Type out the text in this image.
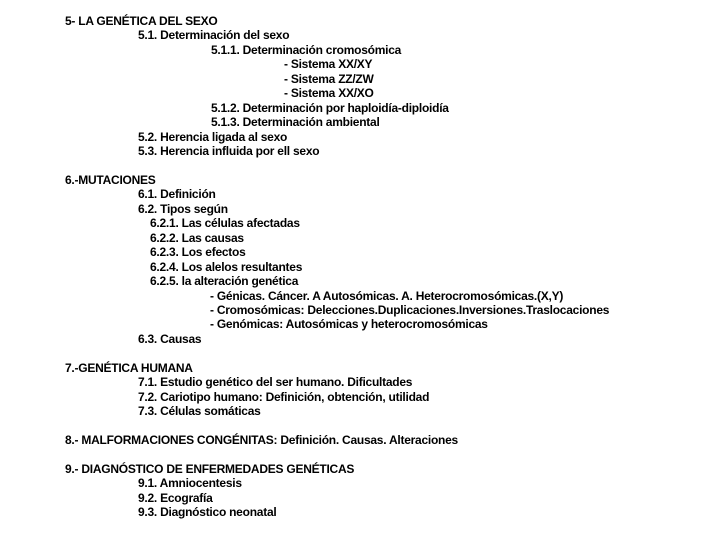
5- LA GENÉTICA DEL SEXO
5.1. Determinación del sexo
5.1.1. Determinación cromosómica
- Sistema XX/XY
- Sistema ZZ/ZW
- Sistema XX/XO
5.1.2. Determinación por haploidía-diploidía
5.1.3. Determinación ambiental
5.2. Herencia ligada al sexo
5.3. Herencia influida por ell sexo
6.-MUTACIONES
6.1. Definición
6.2. Tipos según
6.2.1. Las células afectadas
6.2.2. Las causas
6.2.3. Los efectos
6.2.4. Los alelos resultantes
6.2.5. la alteración genética
- Génicas. Cáncer. A Autosómicas. A. Heterocromosómicas.(X,Y)
- Cromosómicas: Delecciones.Duplicaciones.Inversiones.Traslocaciones
- Genómicas: Autosómicas y heterocromosómicas
6.3. Causas
7.-GENÉTICA HUMANA
7.1. Estudio genético del ser humano. Dificultades
7.2. Cariotipo humano: Definición, obtención, utilidad
7.3. Células somáticas
8.- MALFORMACIONES CONGÉNITAS: Definición. Causas. Alteraciones
9.- DIAGNÓSTICO DE ENFERMEDADES GENÉTICAS
9.1. Amniocentesis
9.2. Ecografía
9.3. Diagnóstico neonatal
